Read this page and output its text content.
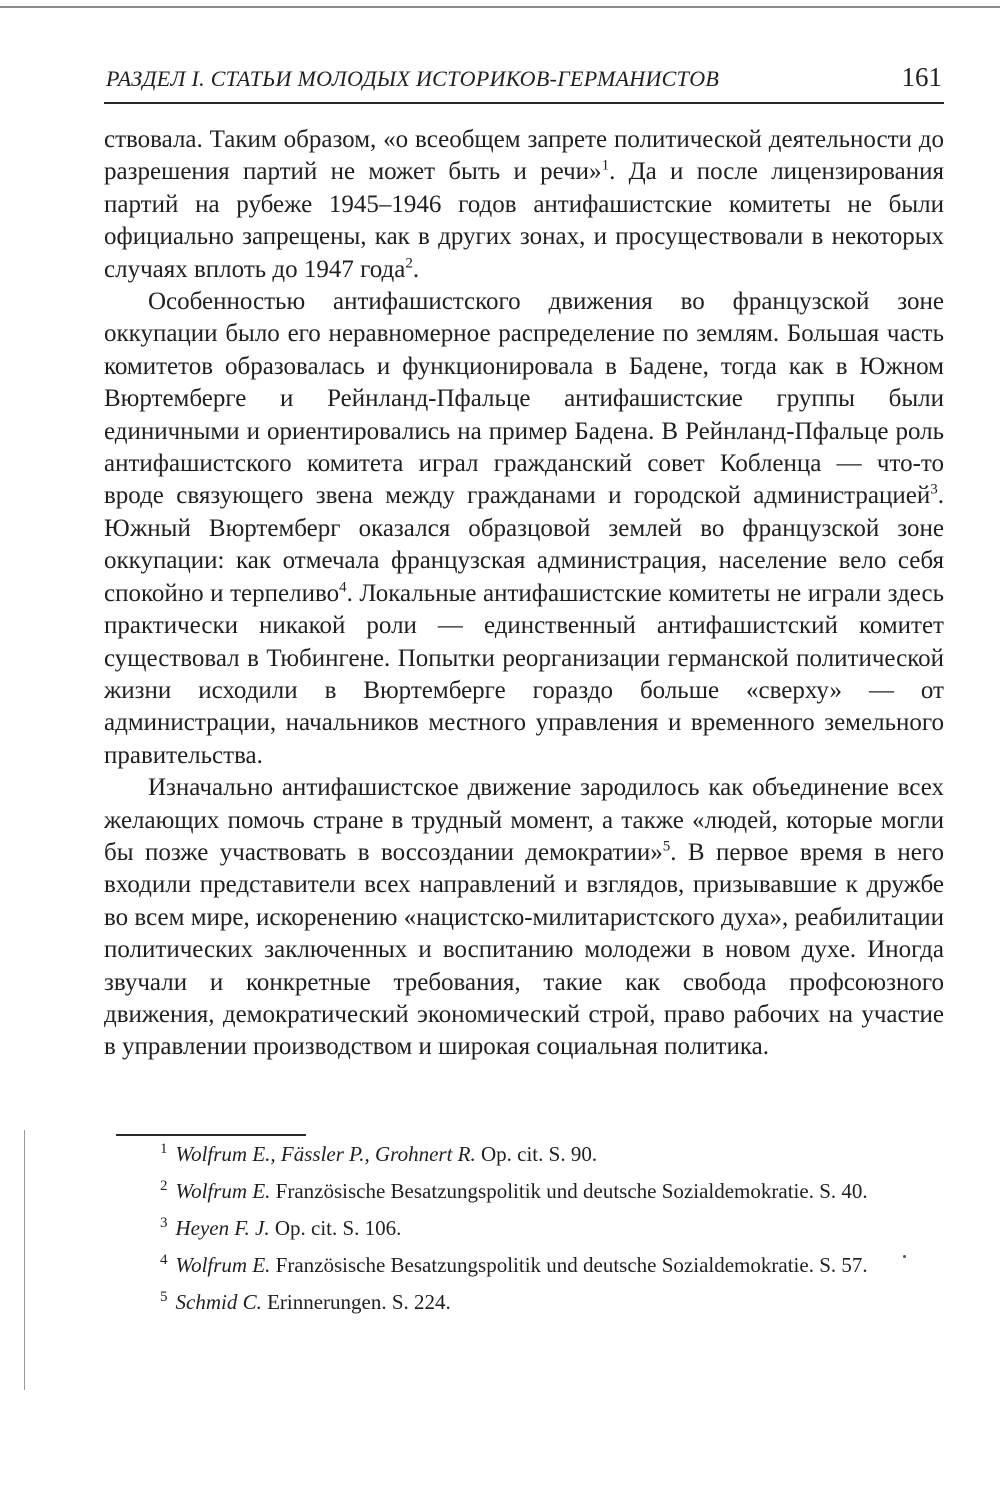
РАЗДЕЛ I. СТАТЬИ МОЛОДЫХ ИСТОРИКОВ-ГЕРМАНИСТОВ	161

ствовала. Таким образом, «о всеобщем запрете политической деятельности до разрешения партий не может быть и речи»$^1$. Да и после лицензирования партий на рубеже 1945–1946 годов антифашистские комитеты не были официально запрещены, как в других зонах, и просуществовали в некоторых случаях вплоть до 1947 года$^2$.

Особенностью антифашистского движения во французской зоне оккупации было его неравномерное распределение по землям. Большая часть комитетов образовалась и функционировала в Бадене, тогда как в Южном Вюртемберге и Рейнланд-Пфальце антифашистские группы были единичными и ориентировались на пример Бадена. В Рейнланд-Пфальце роль антифашистского комитета играл гражданский совет Кобленца — что-то вроде связующего звена между гражданами и городской администрацией$^3$. Южный Вюртемберг оказался образцовой землей во французской зоне оккупации: как отмечала французская администрация, население вело себя спокойно и терпеливо$^4$. Локальные антифашистские комитеты не играли здесь практически никакой роли — единственный антифашистский комитет существовал в Тюбингене. Попытки реорганизации германской политической жизни исходили в Вюртемберге гораздо больше «сверху» — от администрации, начальников местного управления и временного земельного правительства.

Изначально антифашистское движение зародилось как объединение всех желающих помочь стране в трудный момент, а также «людей, которые могли бы позже участвовать в воссоздании демократии»$^5$. В первое время в него входили представители всех направлений и взглядов, призывавшие к дружбе во всем мире, искоренению «нацистско-милитаристского духа», реабилитации политических заключенных и воспитанию молодежи в новом духе. Иногда звучали и конкретные требования, такие как свобода профсоюзного движения, демократический экономический строй, право рабочих на участие в управлении производством и широкая социальная политика.

$^1$ Wolfrum E., Fässler P., Grohnert R. Op. cit. S. 90.

$^2$ Wolfrum E. Französische Besatzungspolitik und deutsche Sozialdemokratie. S. 40.

$^3$ Heyen F. J. Op. cit. S. 106.

$^4$ Wolfrum E. Französische Besatzungspolitik und deutsche Sozialdemokratie. S. 57.

$^5$ Schmid C. Erinnerungen. S. 224.
